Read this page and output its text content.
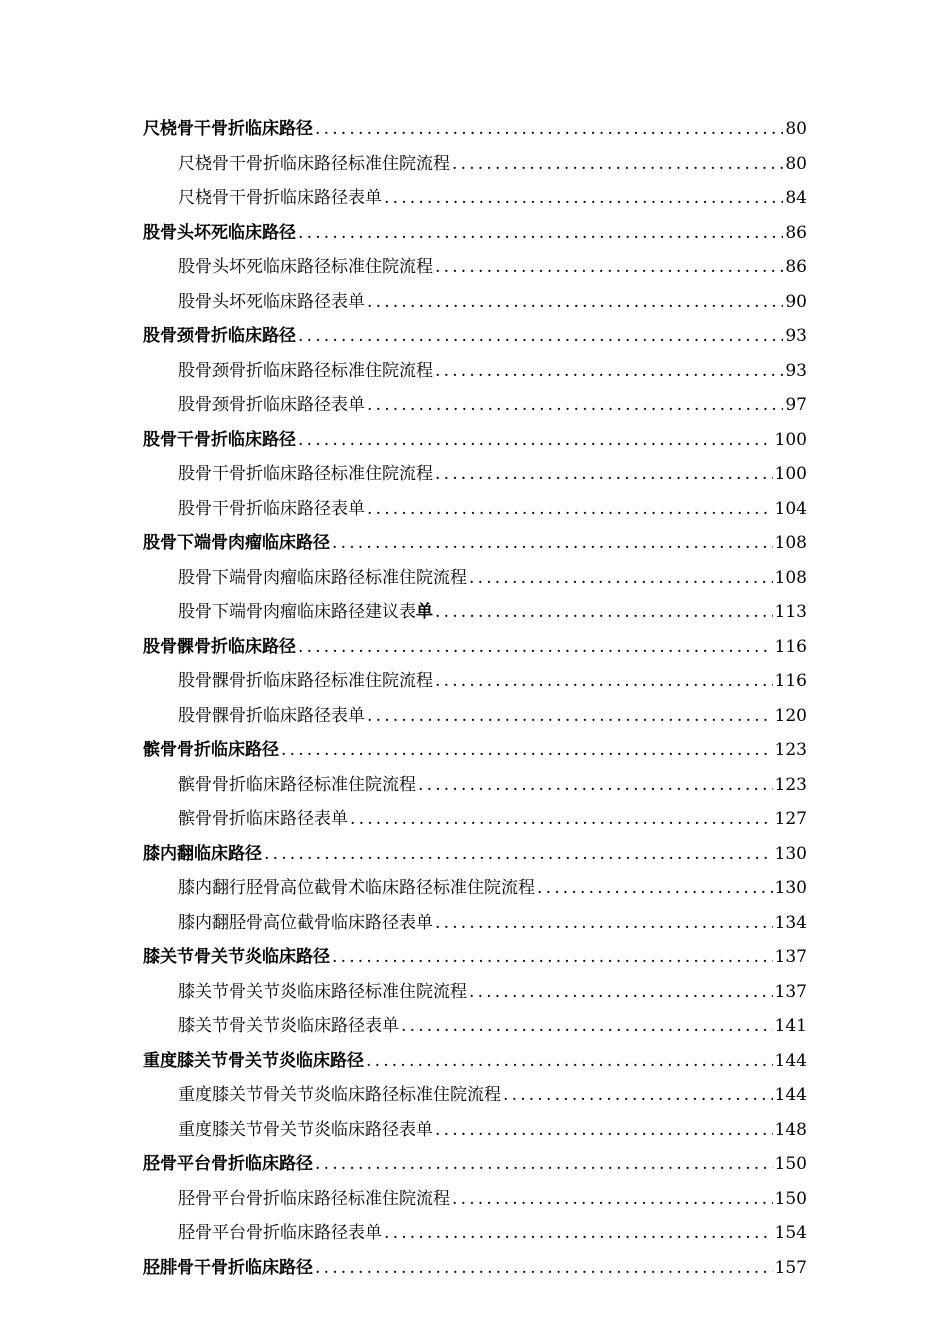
尺桡骨干骨折临床路径 .....	80
尺桡骨干骨折临床路径标准住院流程 .....	80
尺桡骨干骨折临床路径表单 .....	84
股骨头坏死临床路径 .....	86
股骨头坏死临床路径标准住院流程 .....	86
股骨头坏死临床路径表单 .....	90
股骨颈骨折临床路径 .....	93
股骨颈骨折临床路径标准住院流程 .....	93
股骨颈骨折临床路径表单 .....	97
股骨干骨折临床路径 .....	100
股骨干骨折临床路径标准住院流程 .....	100
股骨干骨折临床路径表单 .....	104
股骨下端骨肉瘤临床路径 .....	108
股骨下端骨肉瘤临床路径标准住院流程 .....	108
股骨下端骨肉瘤临床路径建议表单 .....	113
股骨髁骨折临床路径 .....	116
股骨髁骨折临床路径标准住院流程 .....	116
股骨髁骨折临床路径表单 .....	120
髌骨骨折临床路径 .....	123
髌骨骨折临床路径标准住院流程 .....	123
髌骨骨折临床路径表单 .....	127
膝内翻临床路径 .....	130
膝内翻行胫骨高位截骨术临床路径标准住院流程 .....	130
膝内翻胫骨高位截骨临床路径表单 .....	134
膝关节骨关节炎临床路径 .....	137
膝关节骨关节炎临床路径标准住院流程 .....	137
膝关节骨关节炎临床路径表单 .....	141
重度膝关节骨关节炎临床路径 .....	144
重度膝关节骨关节炎临床路径标准住院流程 .....	144
重度膝关节骨关节炎临床路径表单 .....	148
胫骨平台骨折临床路径 .....	150
胫骨平台骨折临床路径标准住院流程 .....	150
胫骨平台骨折临床路径表单 .....	154
胫腓骨干骨折临床路径 .....	157
